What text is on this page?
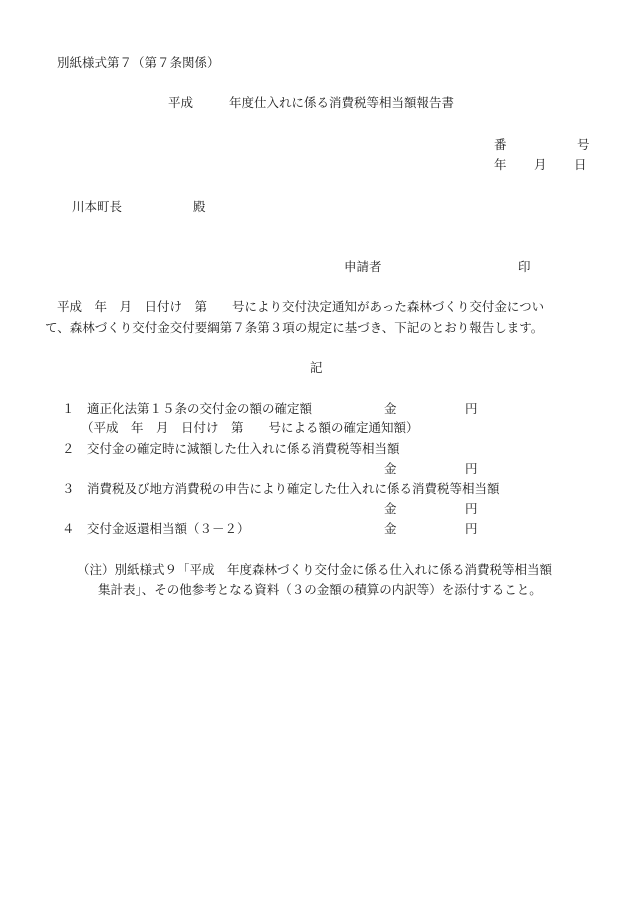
別紙様式第７（第７条関係）
平成	年度仕入れに係る消費税等相当額報告書
番	号
年 月 日
川本町長	殿
申請者	印
平成　年　月　日付け　第　　号により交付決定通知があった森林づくり交付金につい
て、森林づくり交付金交付要綱第７条第３項の規定に基づき、下記のとおり報告します。
記
１ 適正化法第１５条の交付金の額の確定額	金	円
（平成　年　月　日付け　第　　号による額の確定通知額）
２ 交付金の確定時に減額した仕入れに係る消費税等相当額
金	円
３ 消費税及び地方消費税の申告により確定した仕入れに係る消費税等相当額
金	円
４ 交付金返還相当額（３－２）	金	円
（注）別紙様式９「平成　年度森林づくり交付金に係る仕入れに係る消費税等相当額
集計表」、その他参考となる資料（３の金額の積算の内訳等）を添付すること。
